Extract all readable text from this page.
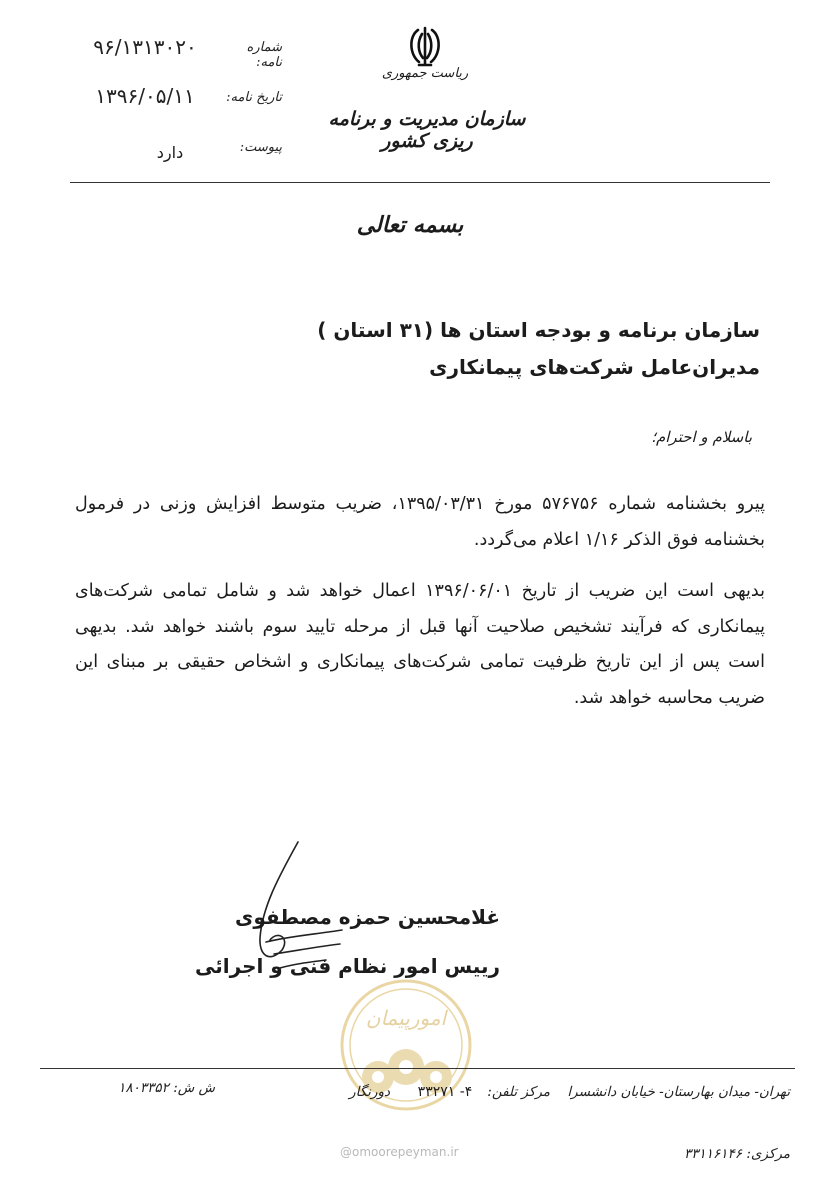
شماره نامه:
۹۶/۱۳۱۳۰۲۰
تاریخ نامه:
۱۳۹۶/۰۵/۱۱
پیوست:
دارد
ریاست جمهوری
سازمان مدیریت و برنامه ریزی کشور
بسمه تعالی
سازمان برنامه و بودجه استان ها (۳۱ استان )
مدیران‌عامل شرکت‌های پیمانکاری
باسلام و احترام؛
پیرو بخشنامه شماره ۵۷۶۷۵۶ مورخ ۱۳۹۵/۰۳/۳۱، ضریب متوسط افزایش وزنی در فرمول بخشنامه فوق الذکر ۱/۱۶ اعلام می‌گردد.
بدیهی است این ضریب از تاریخ ۱۳۹۶/۰۶/۰۱ اعمال خواهد شد و شامل تمامی شرکت‌های پیمانکاری که فرآیند تشخیص صلاحیت آنها قبل از مرحله تایید سوم باشند خواهد شد. بدیهی است پس از این تاریخ ظرفیت تمامی شرکت‌های پیمانکاری و اشخاص حقیقی بر مبنای این ضریب محاسبه خواهد شد.
غلامحسین حمزه مصطفوی
رییس امور نظام فنی و اجرائی
امورپیمان
تهران- میدان بهارستان- خیابان دانشسرا
مرکز تلفن:
۴- ۳۳۲۷۱
دورنگار
ش ش: ۱۸۰۳۳۵۲
مرکزی: ۳۳۱۱۶۱۴۶
@omoorepeyman.ir
